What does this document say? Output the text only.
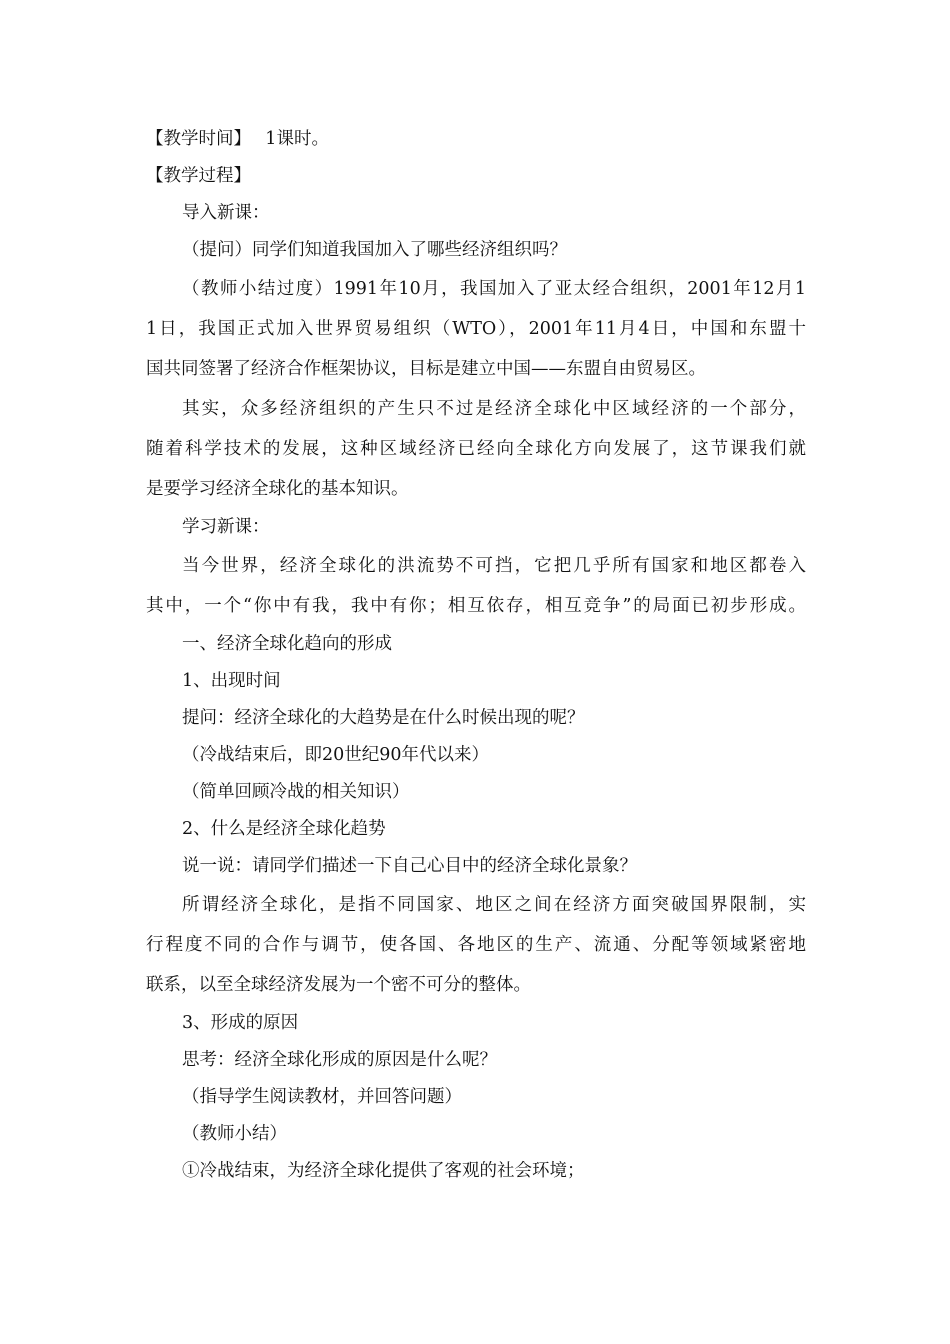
【教学时间】　 1课时。
【教学过程】
导入新课：
（提问）同学们知道我国加入了哪些经济组织吗？
（教师小结过度）1991年10月，我国加入了亚太经合组织，2001年12月1
1日，我国正式加入世界贸易组织（WTO），2001年11月4日，中国和东盟十
国共同签署了经济合作框架协议，目标是建立中国——东盟自由贸易区。
其实，众多经济组织的产生只不过是经济全球化中区域经济的一个部分，
随着科学技术的发展，这种区域经济已经向全球化方向发展了，这节课我们就
是要学习经济全球化的基本知识。
学习新课：
当今世界，经济全球化的洪流势不可挡，它把几乎所有国家和地区都卷入
其中，一个“你中有我，我中有你；相互依存，相互竞争”的局面已初步形成。
一、经济全球化趋向的形成
1、出现时间
提问：经济全球化的大趋势是在什么时候出现的呢？
（冷战结束后，即20世纪90年代以来）
（简单回顾冷战的相关知识）
2、什么是经济全球化趋势
说一说：请同学们描述一下自己心目中的经济全球化景象？
所谓经济全球化，是指不同国家、地区之间在经济方面突破国界限制，实
行程度不同的合作与调节，使各国、各地区的生产、流通、分配等领域紧密地
联系，以至全球经济发展为一个密不可分的整体。
3、形成的原因
思考：经济全球化形成的原因是什么呢？
（指导学生阅读教材，并回答问题）
（教师小结）
①冷战结束，为经济全球化提供了客观的社会环境；
